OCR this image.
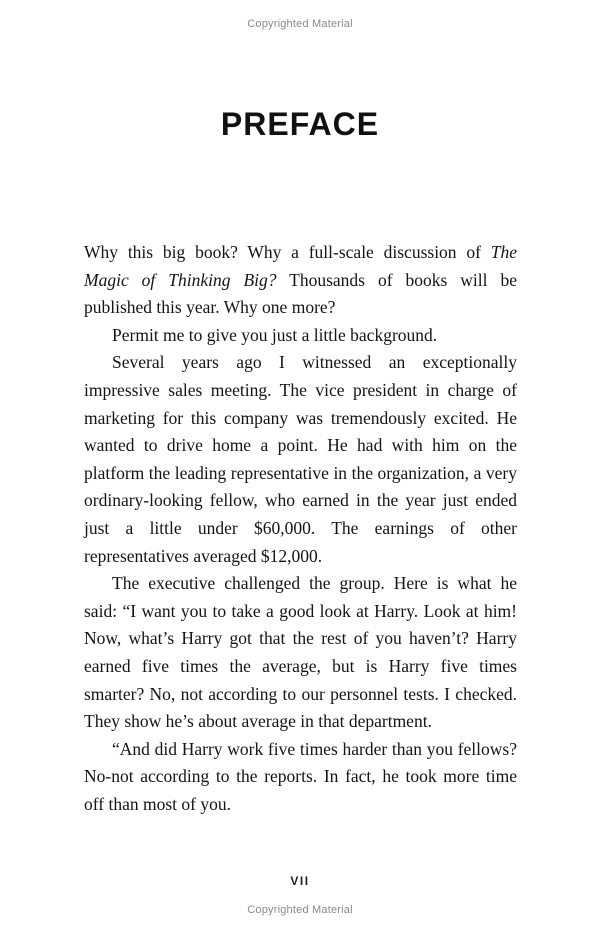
Copyrighted Material
PREFACE

Why this big book? Why a full-scale discussion of The Magic of Thinking Big? Thousands of books will be published this year. Why one more?

Permit me to give you just a little background.

Several years ago I witnessed an exceptionally impressive sales meeting. The vice president in charge of marketing for this company was tremendously excited. He wanted to drive home a point. He had with him on the platform the leading representative in the organization, a very ordinary-looking fellow, who earned in the year just ended just a little under $60,000. The earnings of other representatives averaged $12,000.

The executive challenged the group. Here is what he said: “I want you to take a good look at Harry. Look at him! Now, what’s Harry got that the rest of you haven’t? Harry earned five times the average, but is Harry five times smarter? No, not according to our personnel tests. I checked. They show he’s about average in that department.

“And did Harry work five times harder than you fellows? No-not according to the reports. In fact, he took more time off than most of you.

VII
Copyrighted Material
